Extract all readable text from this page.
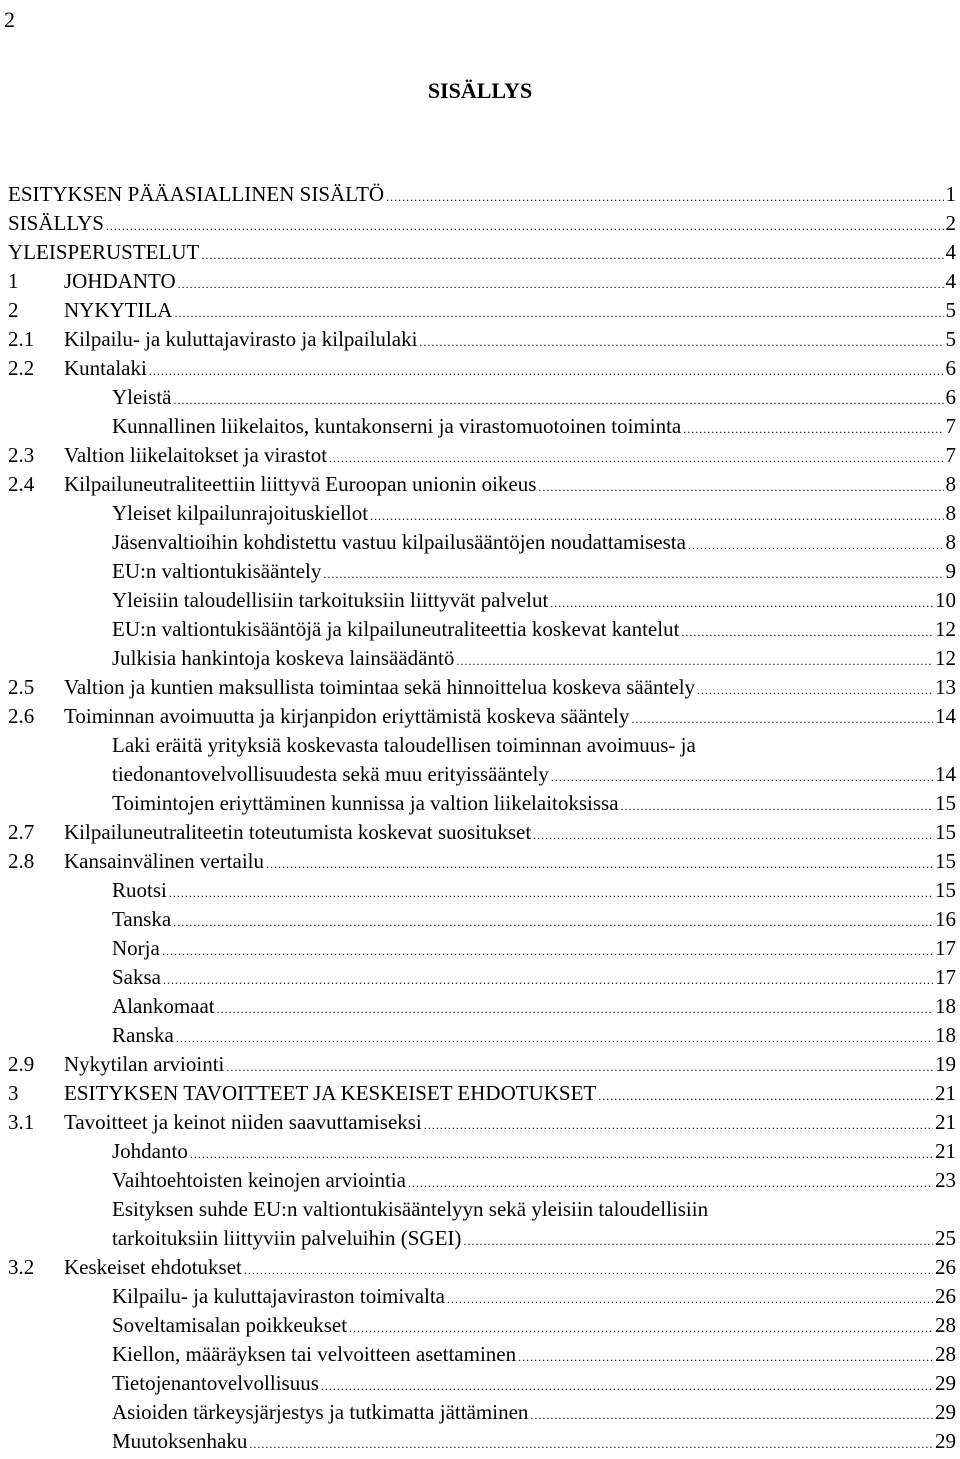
2
SISÄLLYS
ESITYKSEN PÄÄASIALLINEN SISÄLTÖ .....	1
SISÄLLYS .....	2
YLEISPERUSTELUT .....	4
1 JOHDANTO .....	4
2 NYKYTILA .....	5
2.1 Kilpailu- ja kuluttajavirasto ja kilpailulaki .....	5
2.2 Kuntalaki .....	6
Yleistä .....	6
Kunnallinen liikelaitos, kuntakonserni ja virastomuotoinen toiminta .....	7
2.3 Valtion liikelaitokset ja virastot .....	7
2.4 Kilpailuneutraliteettiin liittyvä Euroopan unionin oikeus .....	8
Yleiset kilpailunrajoituskiellot .....	8
Jäsenvaltioihin kohdistettu vastuu kilpailusääntöjen noudattamisesta .....	8
EU:n valtiontukisääntely .....	9
Yleisiin taloudellisiin tarkoituksiin liittyvät palvelut .....	10
EU:n valtiontukisääntöjä ja kilpailuneutraliteettia koskevat kantelut .....	12
Julkisia hankintoja koskeva lainsäädäntö .....	12
2.5 Valtion ja kuntien maksullista toimintaa sekä hinnoittelua koskeva sääntely .....	13
2.6 Toiminnan avoimuutta ja kirjanpidon eriyttämistä koskeva sääntely .....	14
Laki eräitä yrityksiä koskevasta taloudellisen toiminnan avoimuus- ja
tiedonantovelvollisuudesta sekä muu erityissääntely .....	14
Toimintojen eriyttäminen kunnissa ja valtion liikelaitoksissa .....	15
2.7 Kilpailuneutraliteetin toteutumista koskevat suositukset .....	15
2.8 Kansainvälinen vertailu .....	15
Ruotsi .....	15
Tanska .....	16
Norja .....	17
Saksa .....	17
Alankomaat .....	18
Ranska .....	18
2.9 Nykytilan arviointi .....	19
3 ESITYKSEN TAVOITTEET JA KESKEISET EHDOTUKSET .....	21
3.1 Tavoitteet ja keinot niiden saavuttamiseksi .....	21
Johdanto .....	21
Vaihtoehtoisten keinojen arviointia .....	23
Esityksen suhde EU:n valtiontukisääntelyyn sekä yleisiin taloudellisiin
tarkoituksiin liittyviin palveluihin (SGEI) .....	25
3.2 Keskeiset ehdotukset .....	26
Kilpailu- ja kuluttajaviraston toimivalta .....	26
Soveltamisalan poikkeukset .....	28
Kiellon, määräyksen tai velvoitteen asettaminen .....	28
Tietojenantovelvollisuus .....	29
Asioiden tärkeysjärjestys ja tutkimatta jättäminen .....	29
Muutoksenhaku .....	29
